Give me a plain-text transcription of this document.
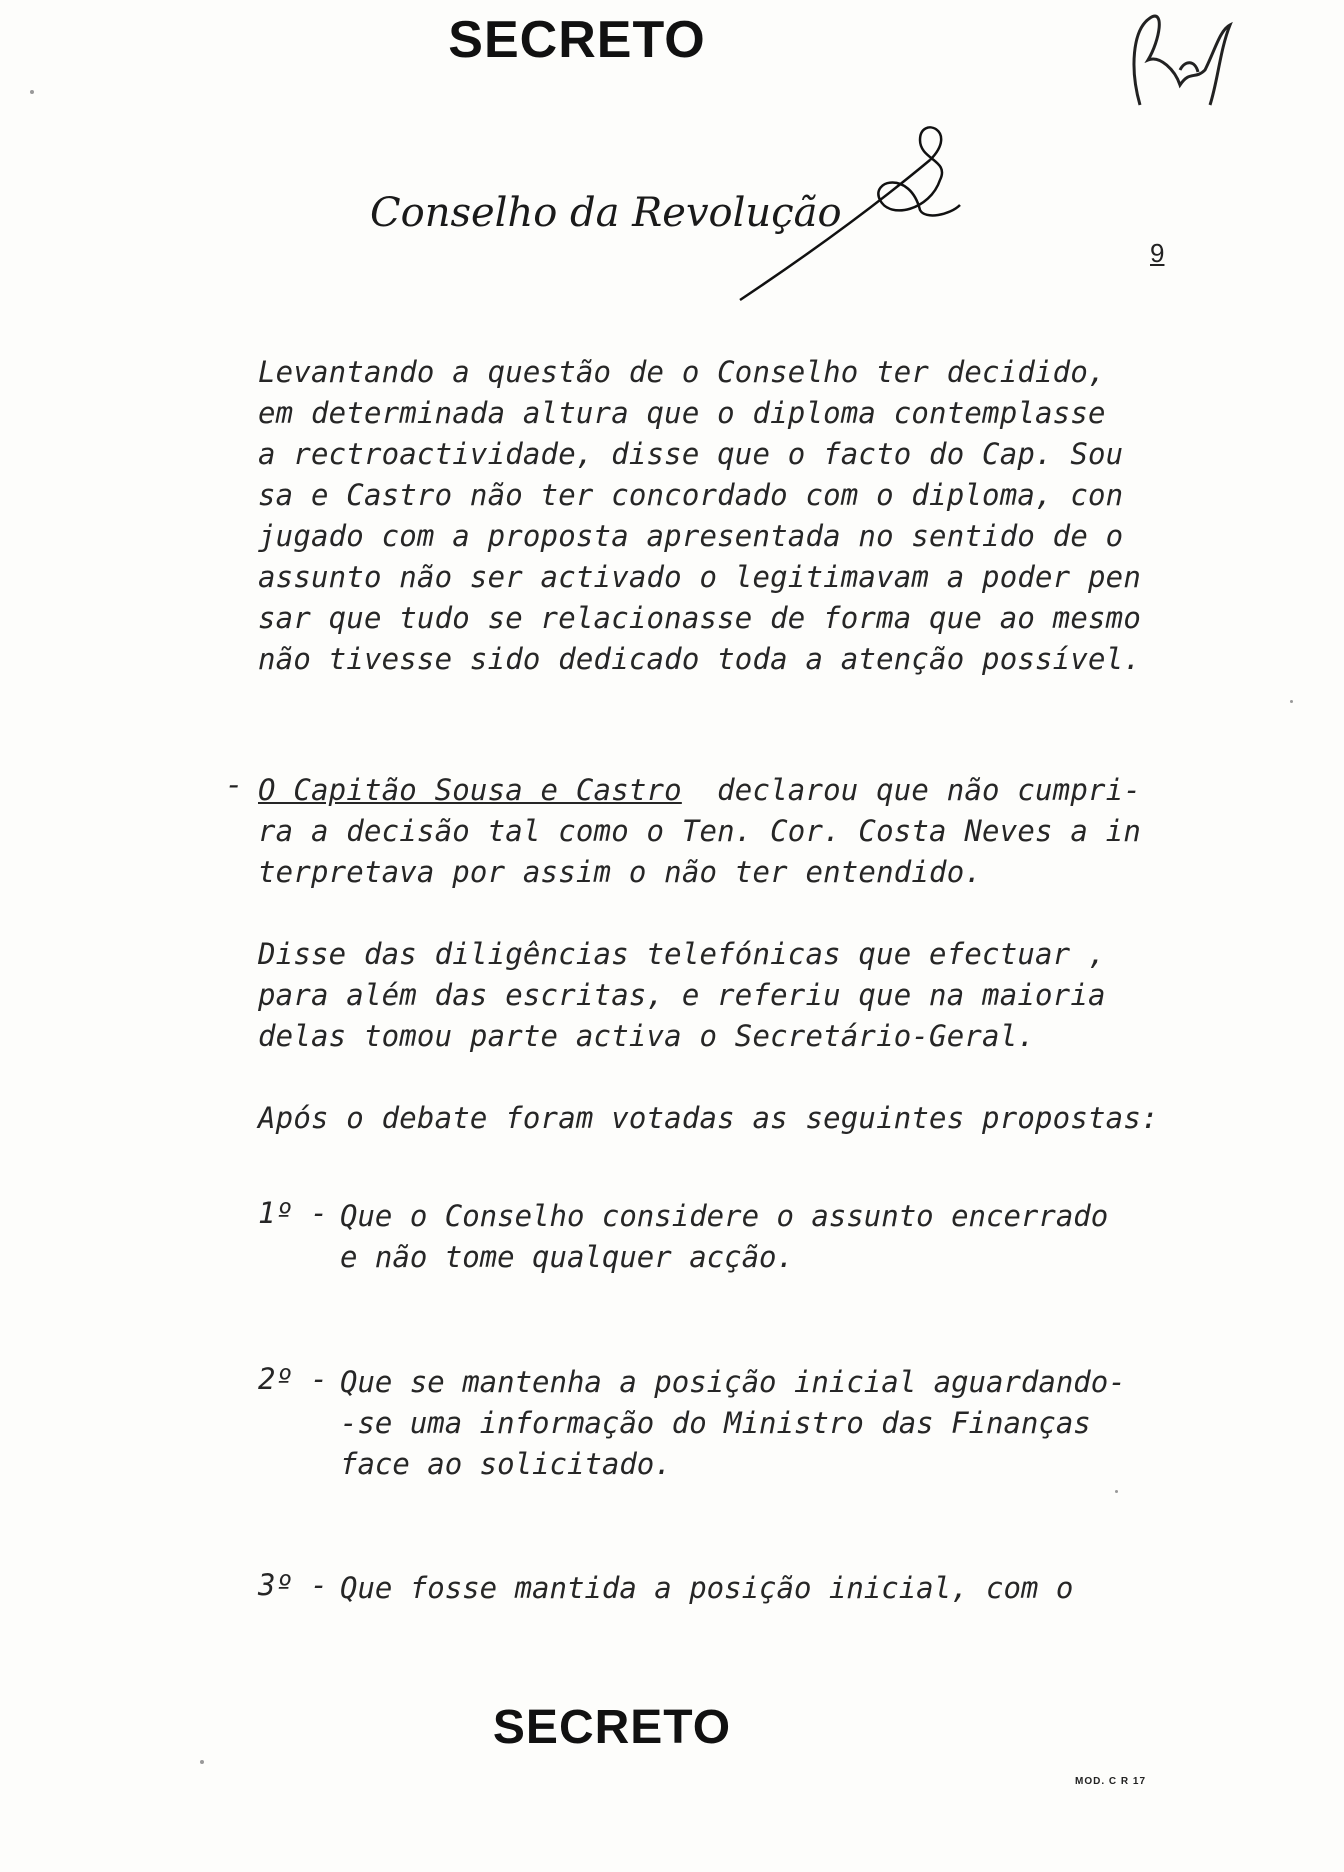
SECRETO
Conselho da Revolução
9
Levantando a questão de o Conselho ter decidido,
em determinada altura que o diploma contemplasse
a rectroactividade, disse que o facto do Cap. Sou
sa e Castro não ter concordado com o diploma, con
jugado com a proposta apresentada no sentido de o
assunto não ser activado o legitimavam a poder pen
sar que tudo se relacionasse de forma que ao mesmo
não tivesse sido dedicado toda a atenção possível.
- O Capitão Sousa e Castro  declarou que não cumpri-
ra a decisão tal como o Ten. Cor. Costa Neves a in
terpretava por assim o não ter entendido.
Disse das diligências telefónicas que efectuar ,
para além das escritas, e referiu que na maioria
delas tomou parte activa o Secretário-Geral.
Após o debate foram votadas as seguintes propostas:
1º - Que o Conselho considere o assunto encerrado
e não tome qualquer acção.
2º - Que se mantenha a posição inicial aguardando-
-se uma informação do Ministro das Finanças
face ao solicitado.
3º - Que fosse mantida a posição inicial, com o
SECRETO
MOD. C R 17
